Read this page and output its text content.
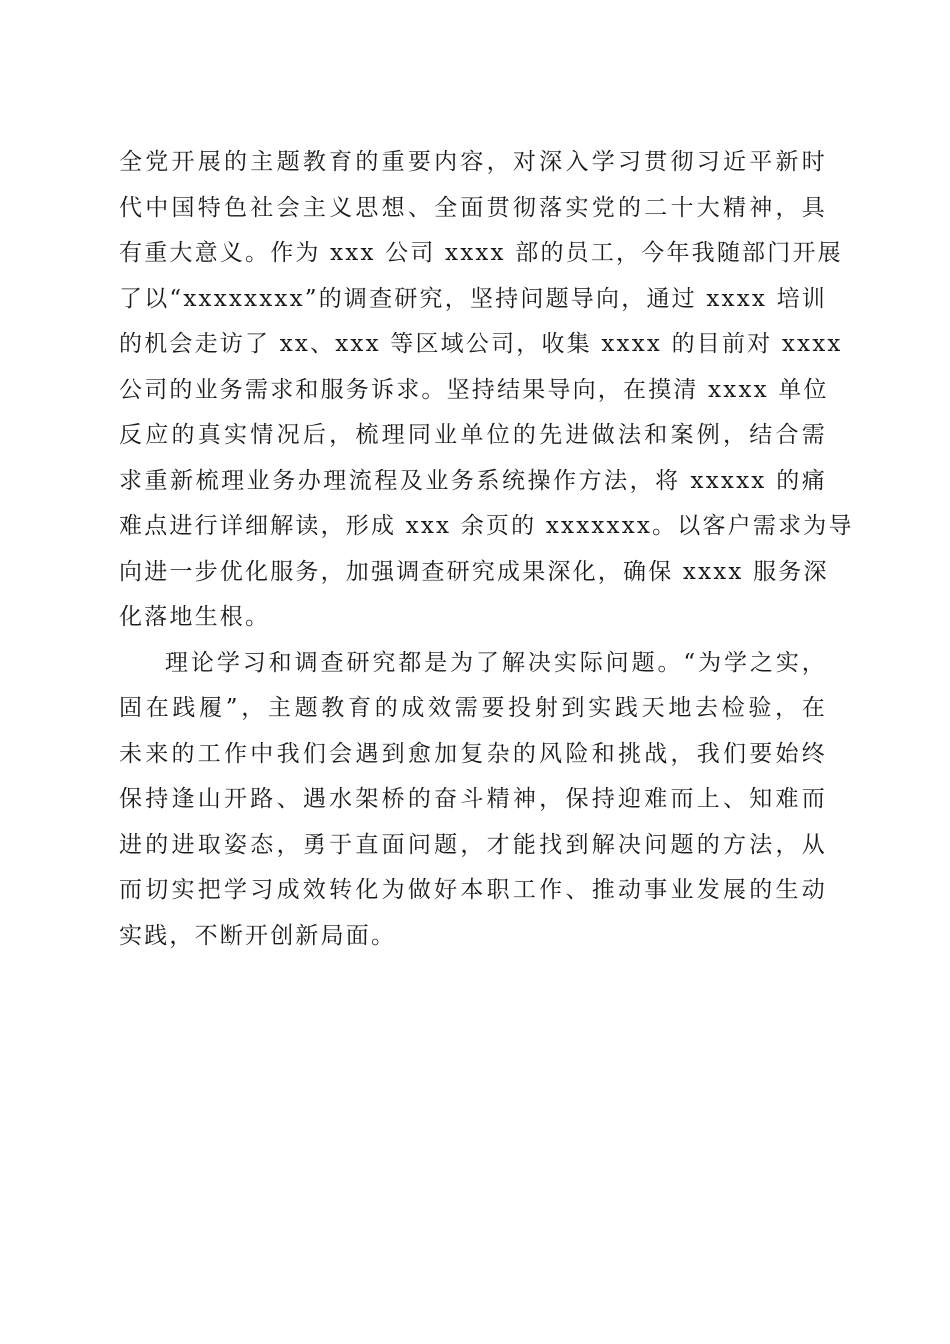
全党开展的主题教育的重要内容，对深入学习贯彻习近平新时
代中国特色社会主义思想、全面贯彻落实党的二十大精神，具
有重大意义。作为 xxx 公司 xxxx 部的员工，今年我随部门开展
了以“xxxxxxxx”的调查研究，坚持问题导向，通过 xxxx 培训
的机会走访了 xx、xxx 等区域公司，收集 xxxx 的目前对 xxxx
公司的业务需求和服务诉求。坚持结果导向，在摸清 xxxx 单位
反应的真实情况后，梳理同业单位的先进做法和案例，结合需
求重新梳理业务办理流程及业务系统操作方法，将 xxxxx 的痛
难点进行详细解读，形成 xxx 余页的 xxxxxxx。以客户需求为导
向进一步优化服务，加强调查研究成果深化，确保 xxxx 服务深
化落地生根。
理论学习和调查研究都是为了解决实际问题。“为学之实，
固在践履”，主题教育的成效需要投射到实践天地去检验，在
未来的工作中我们会遇到愈加复杂的风险和挑战，我们要始终
保持逢山开路、遇水架桥的奋斗精神，保持迎难而上、知难而
进的进取姿态，勇于直面问题，才能找到解决问题的方法，从
而切实把学习成效转化为做好本职工作、推动事业发展的生动
实践，不断开创新局面。
